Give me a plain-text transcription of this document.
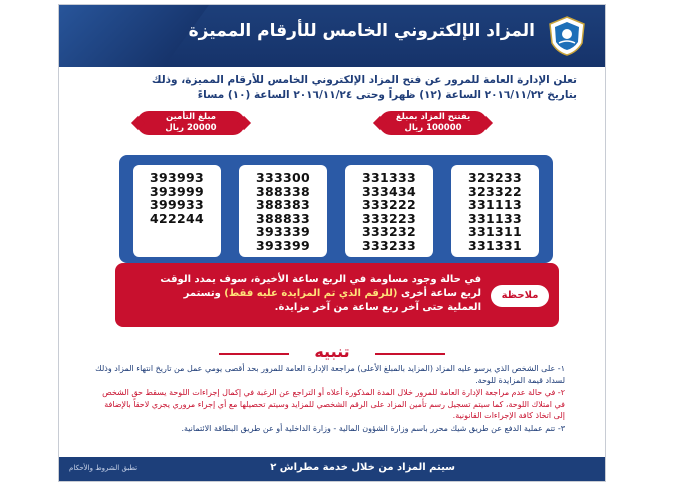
المزاد الإلكتروني الخامس للأرقام المميزة
تعلن الإدارة العامة للمرور عن فتح المزاد الإلكتروني الخامس للأرقام المميزة، وذلك
بتاريخ ٢٠١٦/١١/٢٢ الساعة (١٢) ظهراً وحتى ٢٠١٦/١١/٢٤ الساعة (١٠) مساءً
يفتتح المزاد بمبلغ
100000 ريال
مبلغ التأمين
20000 ريال
323233
323322
331113
331133
331311
331331
331333
333434
333222
333223
333232
333233
333300
388338
388383
388833
393339
393399
393993
393999
399933
422244
ملاحظة
في حالة وجود مساومة في الربع ساعة الأخيرة، سوف يمدد الوقت
لربع ساعة أخرى (للرقم الذي تم المزايدة عليه فقط) وتستمر
العملية حتى آخر ربع ساعة من آخر مزايدة.
تنبيه

١- على الشخص الذي يرسو عليه المزاد (المزايد بالمبلغ الأعلى) مراجعة الإدارة العامة للمرور بحد أقصى يومي عمل من تاريخ انتهاء المزاد وذلك لسداد قيمة المزايدة للوحة.

٢- في حالة عدم مراجعة الإدارة العامة للمرور خلال المدة المذكورة أعلاه أو التراجع عن الرغبة في إكمال إجراءات اللوحة يسقط حق الشخص في امتلاك اللوحة، كما سيتم تسجيل رسم تأمين المزاد على الرقم الشخصي للمزايد وسيتم تحصيلها مع أي إجراء مروري يجري لاحقاً بالإضافة إلى اتخاذ كافة الإجراءات القانونية.

٣- تتم عملية الدفع عن طريق شيك محرر باسم وزارة الشؤون المالية - وزارة الداخلية أو عن طريق البطاقة الائتمانية.

سيتم المزاد من خلال خدمة مطراش ٢
تطبق الشروط والأحكام
